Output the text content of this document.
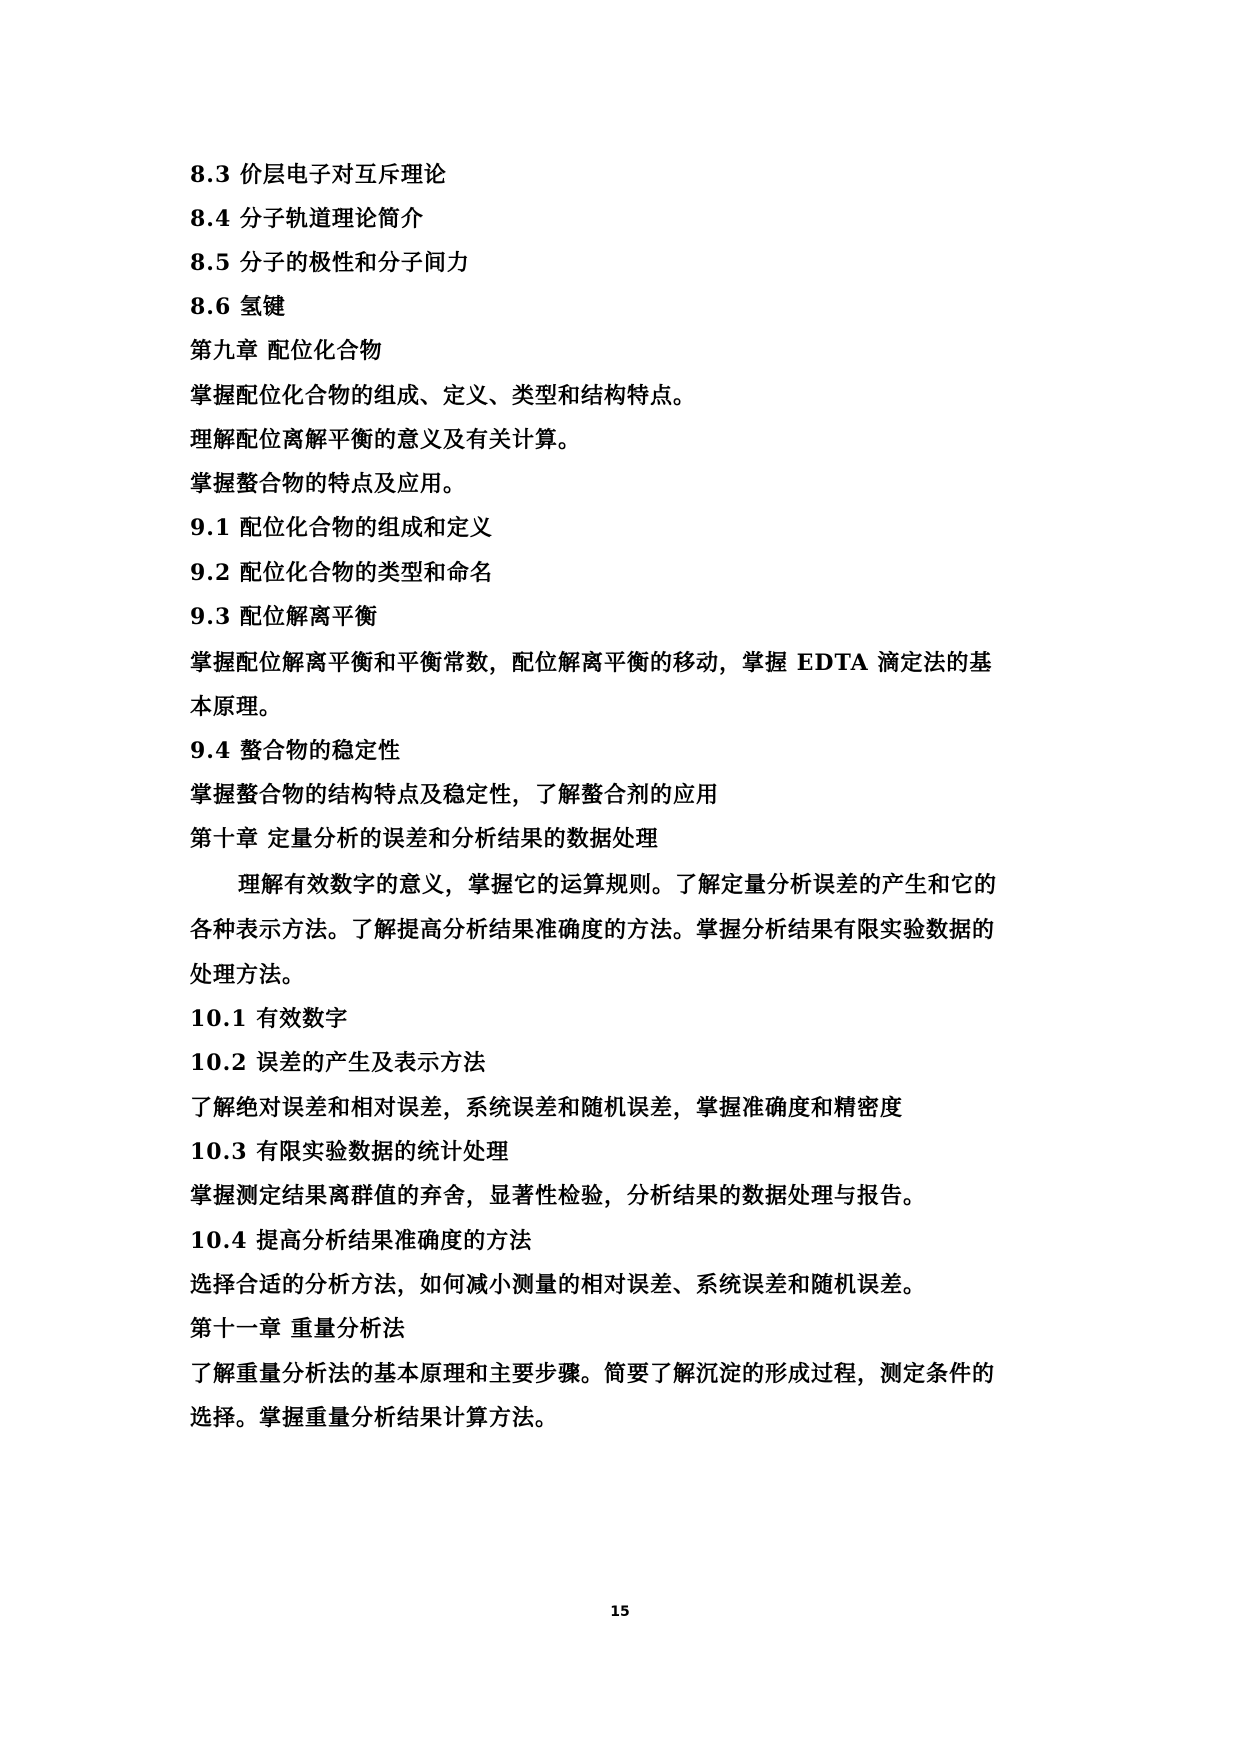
8.3 价层电子对互斥理论
8.4 分子轨道理论简介
8.5 分子的极性和分子间力
8.6 氢键
第九章 配位化合物
掌握配位化合物的组成、定义、类型和结构特点。
理解配位离解平衡的意义及有关计算。
掌握螯合物的特点及应用。
9.1 配位化合物的组成和定义
9.2 配位化合物的类型和命名
9.3 配位解离平衡
掌握配位解离平衡和平衡常数，配位解离平衡的移动，掌握 EDTA 滴定法的基
本原理。
9.4 螯合物的稳定性
掌握螯合物的结构特点及稳定性，了解螯合剂的应用
第十章 定量分析的误差和分析结果的数据处理
理解有效数字的意义，掌握它的运算规则。了解定量分析误差的产生和它的
各种表示方法。了解提高分析结果准确度的方法。掌握分析结果有限实验数据的
处理方法。
10.1 有效数字
10.2 误差的产生及表示方法
了解绝对误差和相对误差，系统误差和随机误差，掌握准确度和精密度
10.3 有限实验数据的统计处理
掌握测定结果离群值的弃舍，显著性检验，分析结果的数据处理与报告。
10.4 提高分析结果准确度的方法
选择合适的分析方法，如何减小测量的相对误差、系统误差和随机误差。
第十一章 重量分析法
了解重量分析法的基本原理和主要步骤。简要了解沉淀的形成过程，测定条件的
选择。掌握重量分析结果计算方法。
15
